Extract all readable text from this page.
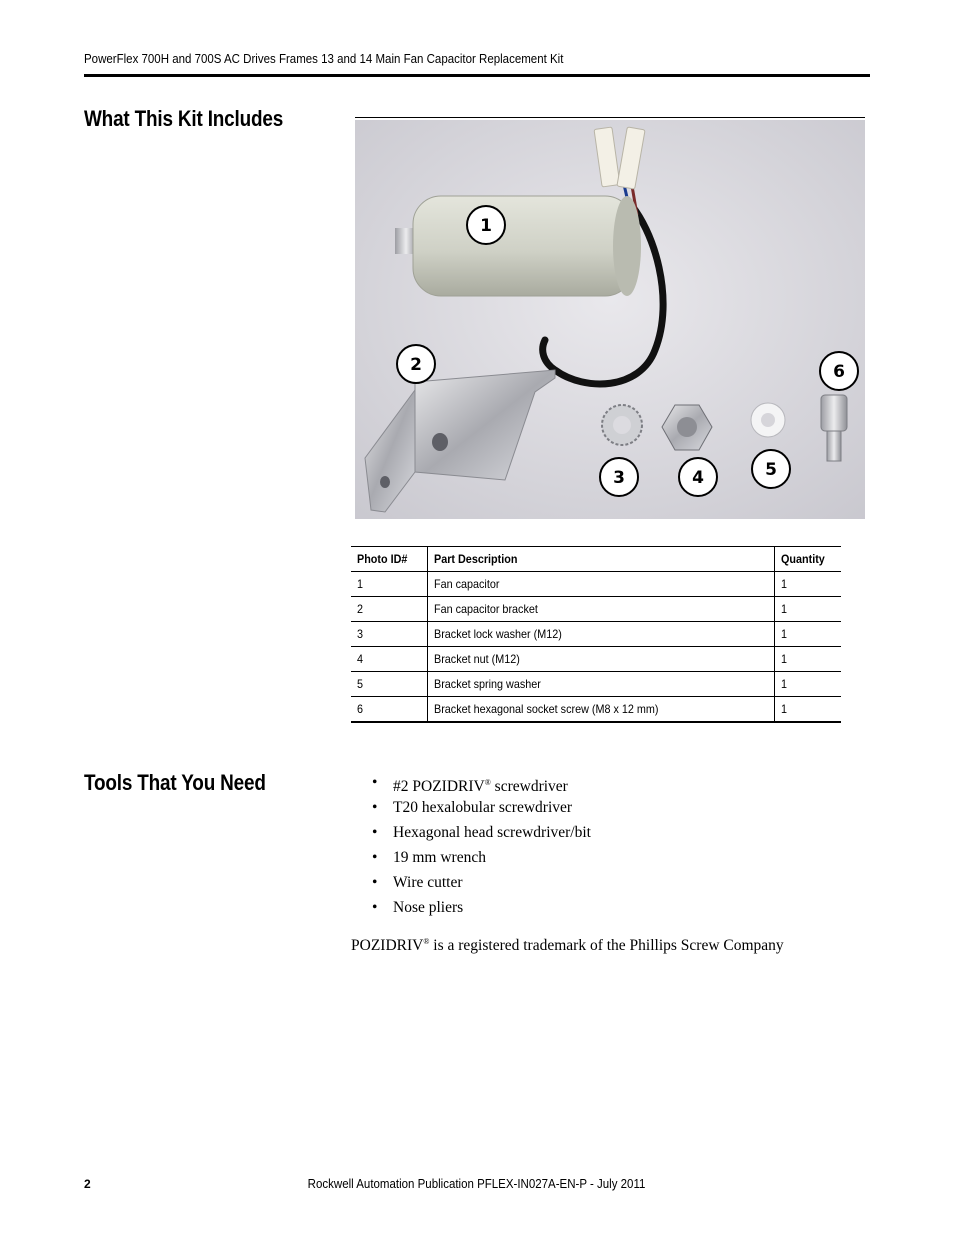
PowerFlex 700H and 700S AC Drives Frames 13 and 14 Main Fan Capacitor Replacement Kit
What This Kit Includes
1
2
3	4	5
6
Photo ID#	Part Description	Quantity
1	Fan capacitor	1
2	Fan capacitor bracket	1
3	Bracket lock washer (M12)	1
4	Bracket nut (M12)	1
5	Bracket spring washer	1
6	Bracket hexagonal socket screw (M8 x 12 mm)	1
Tools That You Need	• #2 POZIDRIV® screwdriver
• T20 hexalobular screwdriver
• Hexagonal head screwdriver/bit
• 19 mm wrench
• Wire cutter
• Nose pliers
POZIDRIV® is a registered trademark of the Phillips Screw Company
Rockwell Automation Publication PFLEX-IN027A-EN-P - July 2011
2
